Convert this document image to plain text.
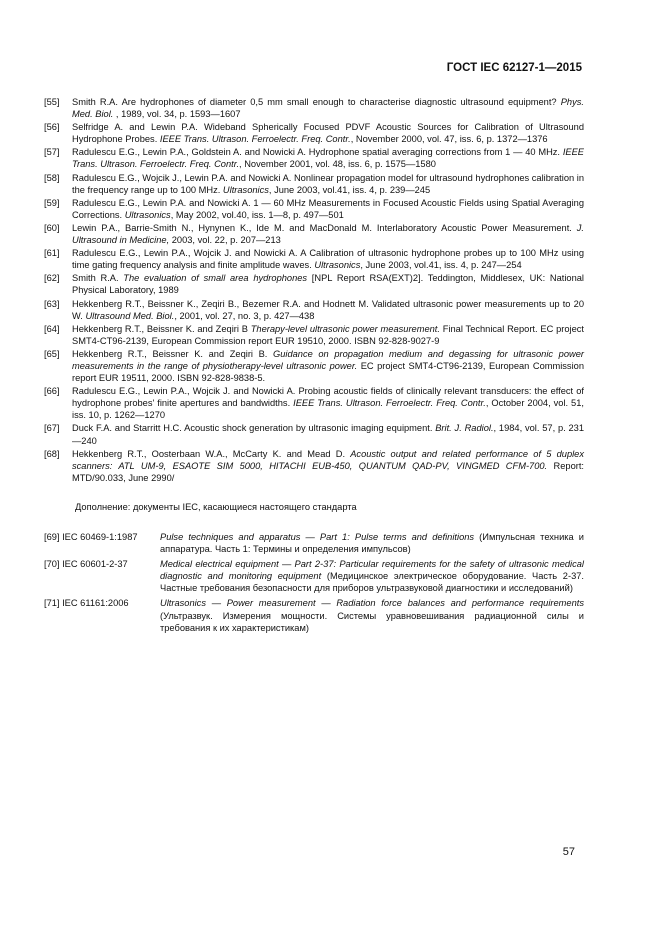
ГОСТ IEC 62127-1—2015
[55]	Smith R.A. Are hydrophones of diameter 0,5 mm small enough to characterise diagnostic ultrasound equipment? Phys. Med. Biol. , 1989, vol. 34, p. 1593—1607
[56]	Selfridge A. and Lewin P.A. Wideband Spherically Focused PDVF Acoustic Sources for Calibration of Ultrasound Hydrophone Probes. IEEE Trans. Ultrason. Ferroelectr. Freq. Contr., November 2000, vol. 47, iss. 6, p. 1372—1376
[57]	Radulescu E.G., Lewin P.A., Goldstein A. and Nowicki A. Hydrophone spatial averaging corrections from 1 — 40 MHz. IEEE Trans. Ultrason. Ferroelectr. Freq. Contr., November 2001, vol. 48, iss. 6, p. 1575—1580
[58]	Radulescu E.G., Wojcik J., Lewin P.A. and Nowicki A. Nonlinear propagation model for ultrasound hydrophones calibration in the frequency range up to 100 MHz. Ultrasonics, June 2003, vol.41, iss. 4, p. 239—245
[59]	Radulescu E.G., Lewin P.A. and Nowicki A. 1 — 60 MHz Measurements in Focused Acoustic Fields using Spatial Averaging Corrections. Ultrasonics, May 2002, vol.40, iss. 1—8, p. 497—501
[60]	Lewin P.A., Barrie-Smith N., Hynynen K., Ide M. and MacDonald M. Interlaboratory Acoustic Power Measurement. J. Ultrasound in Medicine, 2003, vol. 22, p. 207—213
[61]	Radulescu E.G., Lewin P.A., Wojcik J. and Nowicki A. A Calibration of ultrasonic hydrophone probes up to 100 MHz using time gating frequency analysis and finite amplitude waves. Ultrasonics, June 2003, vol.41, iss. 4, p. 247—254
[62]	Smith R.A. The evaluation of small area hydrophones [NPL Report RSA(EXT)2]. Teddington, Middlesex, UK: National Physical Laboratory, 1989
[63]	Hekkenberg R.T., Beissner K., Zeqiri B., Bezemer R.A. and Hodnett M. Validated ultrasonic power measurements up to 20 W. Ultrasound Med. Biol., 2001, vol. 27, no. 3, p. 427—438
[64]	Hekkenberg R.T., Beissner K. and Zeqiri B Therapy-level ultrasonic power measurement. Final Technical Report. EC project SMT4-CT96-2139, European Commission report EUR 19510, 2000. ISBN 92-828-9027-9
[65]	Hekkenberg R.T., Beissner K. and Zeqiri B. Guidance on propagation medium and degassing for ultrasonic power measurements in the range of physiotherapy-level ultrasonic power. EC project SMT4-CT96-2139, European Commission report EUR 19511, 2000. ISBN 92-828-9838-5.
[66]	Radulescu E.G., Lewin P.A., Wojcik J. and Nowicki A. Probing acoustic fields of clinically relevant transducers: the effect of hydrophone probes' finite apertures and bandwidths. IEEE Trans. Ultrason. Ferroelectr. Freq. Contr., October 2004, vol. 51, iss. 10, p. 1262—1270
[67]	Duck F.A. and Starritt H.C. Acoustic shock generation by ultrasonic imaging equipment. Brit. J. Radiol., 1984, vol. 57, p. 231—240
[68]	Hekkenberg R.T., Oosterbaan W.A., McCarty K. and Mead D. Acoustic output and related performance of 5 duplex scanners: ATL UM-9, ESAOTE SIM 5000, HITACHI EUB-450, QUANTUM QAD-PV, VINGMED CFM-700. Report: MTD/90.033, June 2990/
Дополнение: документы IEC, касающиеся настоящего стандарта
[69] IEC 60469-1:1987	Pulse techniques and apparatus — Part 1: Pulse terms and definitions (Импульсная техника и аппаратура. Часть 1: Термины и определения импульсов)
[70] IEC 60601-2-37	Medical electrical equipment — Part 2-37: Particular requirements for the safety of ultrasonic medical diagnostic and monitoring equipment (Медицинское электрическое оборудование. Часть 2-37. Частные требования безопасности для приборов ультразвуковой диагностики и исследований)
[71] IEC 61161:2006	Ultrasonics — Power measurement — Radiation force balances and performance requirements (Ультразвук. Измерения мощности. Системы уравновешивания радиационной силы и требования к их характеристикам)
57
